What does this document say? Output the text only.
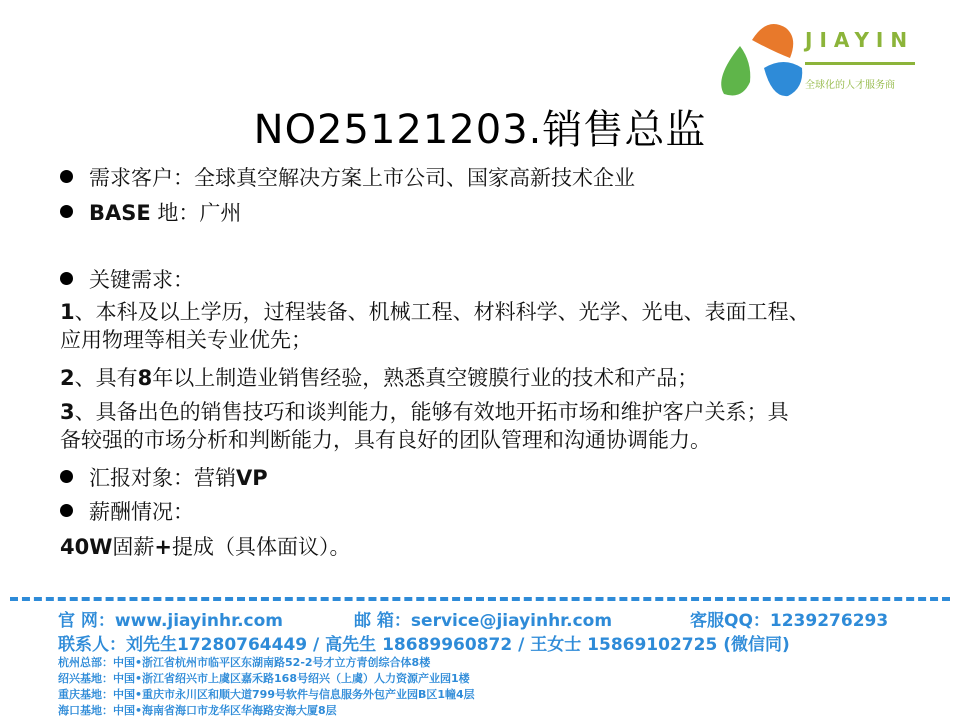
JIAYIN
全球化的人才服务商
NO25121203.销售总监
需求客户：全球真空解决方案上市公司、国家高新技术企业
BASE 地：广州
关键需求：
1、本科及以上学历，过程装备、机械工程、材料科学、光学、光电、表面工程、
应用物理等相关专业优先；
2、具有8年以上制造业销售经验，熟悉真空镀膜行业的技术和产品；
3、具备出色的销售技巧和谈判能力，能够有效地开拓市场和维护客户关系；具
备较强的市场分析和判断能力，具有良好的团队管理和沟通协调能力。
汇报对象：营销VP
薪酬情况：
40W固薪+提成（具体面议）。
官 网：www.jiayinhr.com	邮 箱：service@jiayinhr.com	客服QQ：1239276293
联系人：刘先生17280764449 / 高先生 18689960872 / 王女士 15869102725 (微信同)
杭州总部：中国•浙江省杭州市临平区东湖南路52-2号才立方青创综合体8楼
绍兴基地：中国•浙江省绍兴市上虞区嘉禾路168号绍兴（上虞）人力资源产业园1楼
重庆基地：中国•重庆市永川区和顺大道799号软件与信息服务外包产业园B区1幢4层
海口基地：中国•海南省海口市龙华区华海路安海大厦8层
